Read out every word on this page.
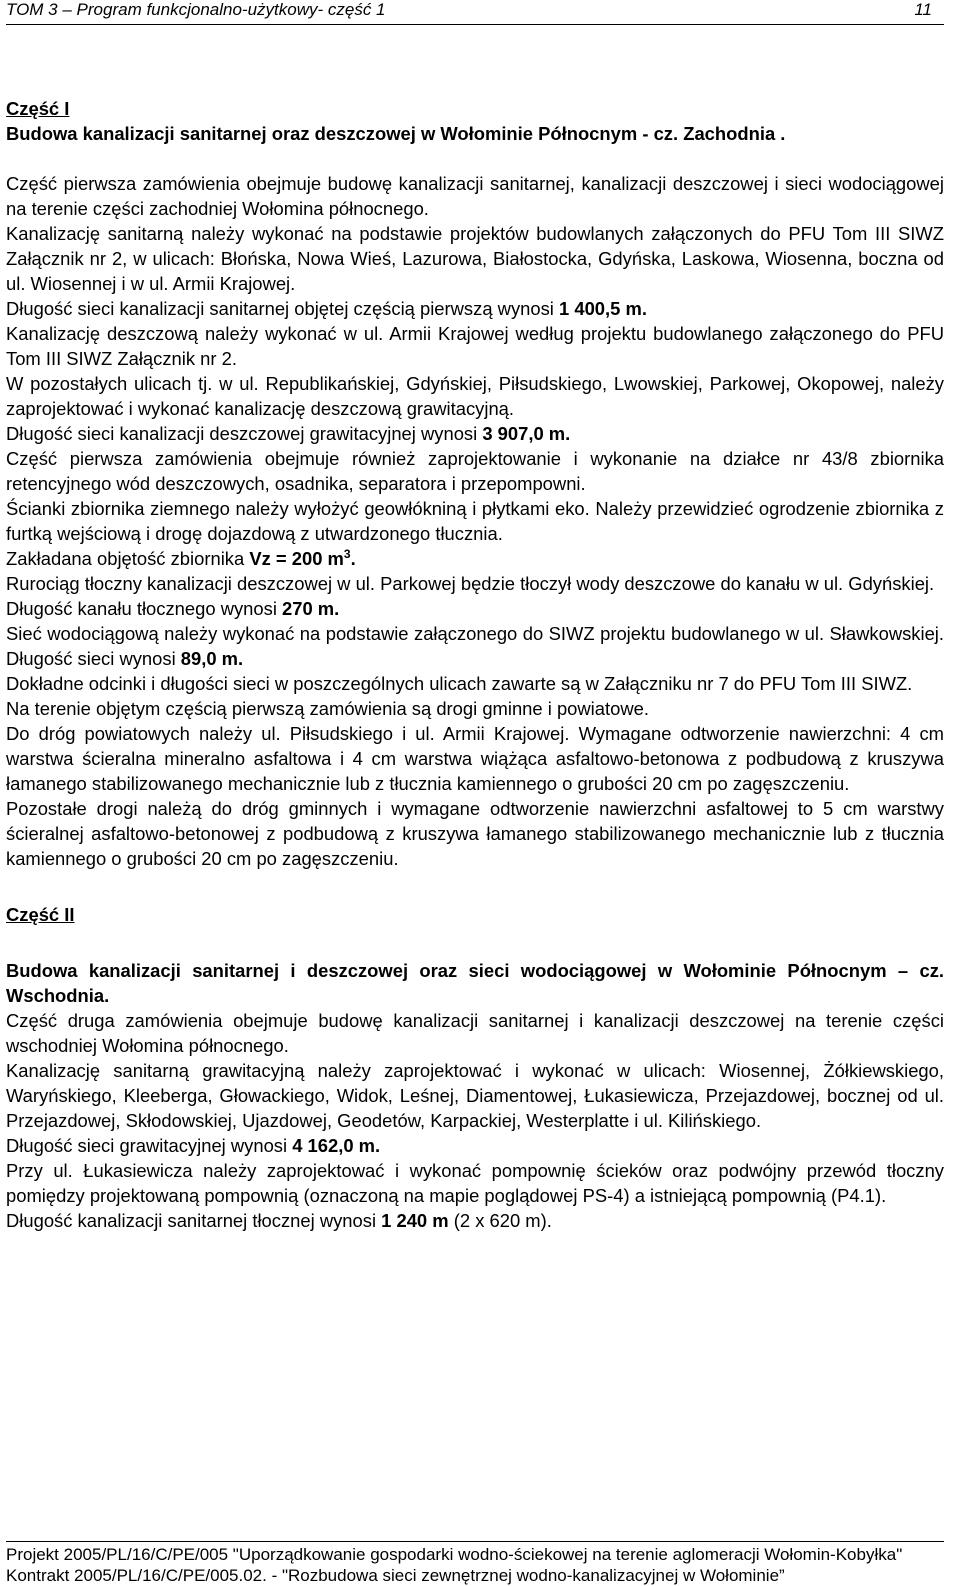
TOM 3 – Program funkcjonalno-użytkowy- część 1	11

Część I

Budowa kanalizacji sanitarnej oraz deszczowej w Wołominie Północnym - cz. Zachodnia .

Część pierwsza zamówienia obejmuje budowę kanalizacji sanitarnej, kanalizacji deszczowej i sieci wodociągowej na terenie części zachodniej Wołomina północnego.

Kanalizację sanitarną należy wykonać na podstawie projektów budowlanych załączonych do PFU Tom III SIWZ Załącznik nr 2, w ulicach: Błońska, Nowa Wieś, Lazurowa, Białostocka, Gdyńska, Laskowa, Wiosenna, boczna od ul. Wiosennej i w ul. Armii Krajowej.

Długość sieci kanalizacji sanitarnej objętej częścią pierwszą wynosi 1 400,5 m.

Kanalizację deszczową należy wykonać w ul. Armii Krajowej według projektu budowlanego załączonego do PFU Tom III SIWZ Załącznik nr 2.

W pozostałych ulicach tj. w ul. Republikańskiej, Gdyńskiej, Piłsudskiego, Lwowskiej, Parkowej, Okopowej, należy zaprojektować i wykonać kanalizację deszczową grawitacyjną.

Długość sieci kanalizacji deszczowej grawitacyjnej wynosi 3 907,0 m.

Część pierwsza zamówienia obejmuje również zaprojektowanie i wykonanie na działce nr 43/8 zbiornika retencyjnego wód deszczowych, osadnika, separatora i przepompowni.

Ścianki zbiornika ziemnego należy wyłożyć geowłókniną i płytkami eko. Należy przewidzieć ogrodzenie zbiornika z furtką wejściową i drogę dojazdową z utwardzonego tłucznia.

Zakładana objętość zbiornika Vz = 200 $m^3$.

Rurociąg tłoczny kanalizacji deszczowej w ul. Parkowej będzie tłoczył wody deszczowe do kanału w ul. Gdyńskiej.

Długość kanału tłocznego wynosi 270 m.

Sieć wodociągową należy wykonać na podstawie załączonego do SIWZ projektu budowlanego w ul. Sławkowskiej. Długość sieci wynosi 89,0 m.

Dokładne odcinki i długości sieci w poszczególnych ulicach zawarte są w Załączniku nr 7 do PFU Tom III SIWZ.

Na terenie objętym częścią pierwszą zamówienia są drogi gminne i powiatowe.

Do dróg powiatowych należy ul. Piłsudskiego i ul. Armii Krajowej. Wymagane odtworzenie nawierzchni: 4 cm warstwa ścieralna mineralno asfaltowa i 4 cm warstwa wiążąca asfaltowo-betonowa z podbudową z kruszywa łamanego stabilizowanego mechanicznie lub z tłucznia kamiennego o grubości 20 cm po zagęszczeniu.

Pozostałe drogi należą do dróg gminnych i wymagane odtworzenie nawierzchni asfaltowej to 5 cm warstwy ścieralnej asfaltowo-betonowej z podbudową z kruszywa łamanego stabilizowanego mechanicznie lub z tłucznia kamiennego o grubości 20 cm po zagęszczeniu.

Część II

Budowa kanalizacji sanitarnej i deszczowej oraz sieci wodociągowej w Wołominie Północnym – cz. Wschodnia.

Część druga zamówienia obejmuje budowę kanalizacji sanitarnej i kanalizacji deszczowej na terenie części wschodniej Wołomina północnego.

Kanalizację sanitarną grawitacyjną należy zaprojektować i wykonać w ulicach: Wiosennej, Żółkiewskiego, Waryńskiego, Kleeberga, Głowackiego, Widok, Leśnej, Diamentowej, Łukasiewicza, Przejazdowej, bocznej od ul. Przejazdowej, Skłodowskiej, Ujazdowej, Geodetów, Karpackiej, Westerplatte i ul. Kilińskiego.

Długość sieci grawitacyjnej wynosi 4 162,0 m.

Przy ul. Łukasiewicza należy zaprojektować i wykonać pompownię ścieków oraz podwójny przewód tłoczny pomiędzy projektowaną pompownią (oznaczoną na mapie poglądowej PS-4) a istniejącą pompownią (P4.1).

Długość kanalizacji sanitarnej tłocznej wynosi 1 240 m (2 x 620 m).

Projekt 2005/PL/16/C/PE/005 "Uporządkowanie gospodarki wodno-ściekowej na terenie aglomeracji Wołomin-Kobyłka"

Kontrakt 2005/PL/16/C/PE/005.02. - "Rozbudowa sieci zewnętrznej wodno-kanalizacyjnej w Wołominie”
